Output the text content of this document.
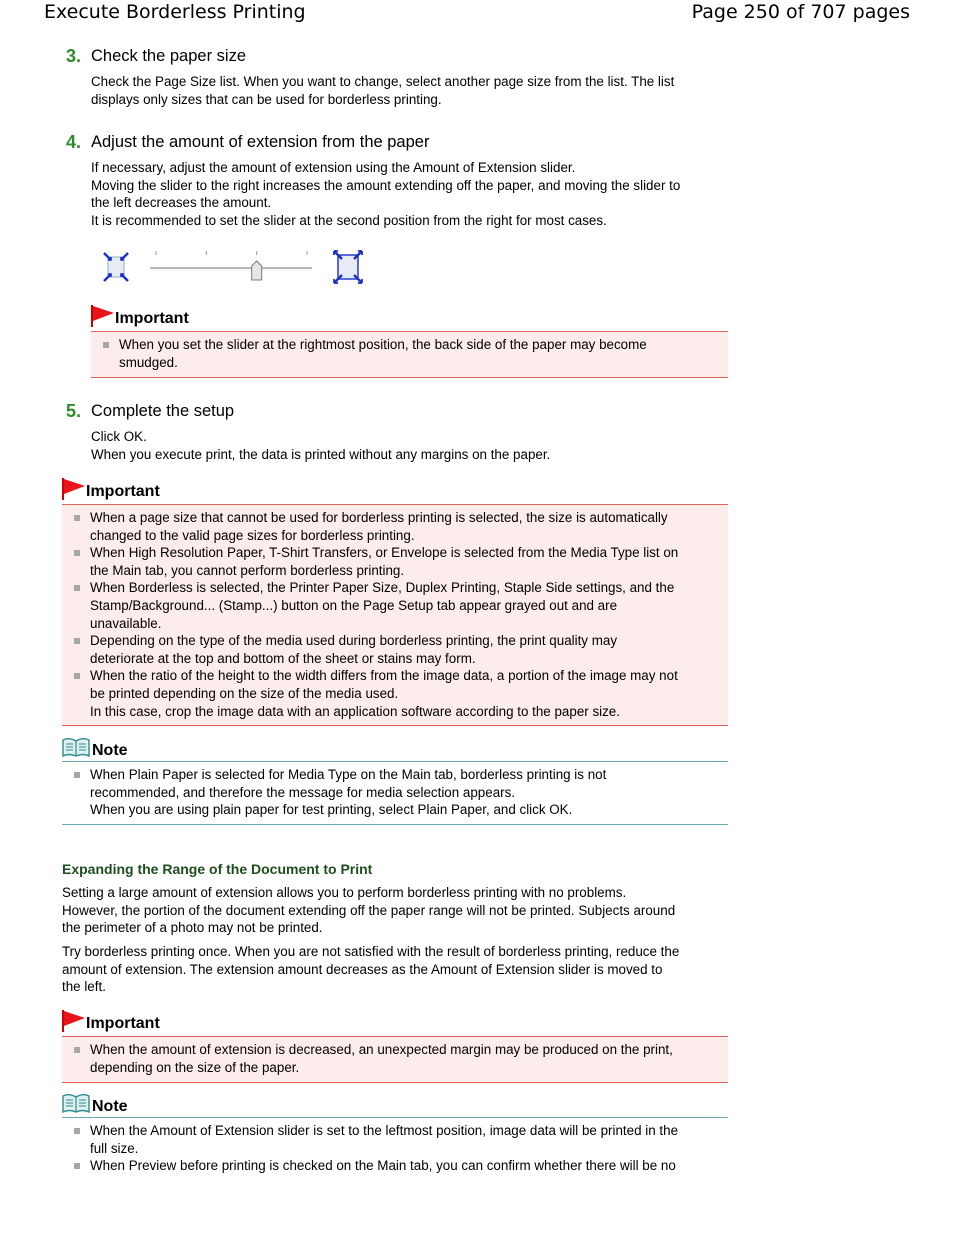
Execute Borderless Printing	Page 250 of 707 pages
3. Check the paper size
Check the Page Size list. When you want to change, select another page size from the list. The list
displays only sizes that can be used for borderless printing.
4. Adjust the amount of extension from the paper
If necessary, adjust the amount of extension using the Amount of Extension slider.
Moving the slider to the right increases the amount extending off the paper, and moving the slider to
the left decreases the amount.
It is recommended to set the slider at the second position from the right for most cases.
Important
When you set the slider at the rightmost position, the back side of the paper may become
smudged.
5. Complete the setup
Click OK.
When you execute print, the data is printed without any margins on the paper.
Important
When a page size that cannot be used for borderless printing is selected, the size is automatically
changed to the valid page sizes for borderless printing.
When High Resolution Paper, T-Shirt Transfers, or Envelope is selected from the Media Type list on
the Main tab, you cannot perform borderless printing.
When Borderless is selected, the Printer Paper Size, Duplex Printing, Staple Side settings, and the
Stamp/Background... (Stamp...) button on the Page Setup tab appear grayed out and are
unavailable.
Depending on the type of the media used during borderless printing, the print quality may
deteriorate at the top and bottom of the sheet or stains may form.
When the ratio of the height to the width differs from the image data, a portion of the image may not
be printed depending on the size of the media used.
In this case, crop the image data with an application software according to the paper size.
Note
When Plain Paper is selected for Media Type on the Main tab, borderless printing is not
recommended, and therefore the message for media selection appears.
When you are using plain paper for test printing, select Plain Paper, and click OK.
Expanding the Range of the Document to Print
Setting a large amount of extension allows you to perform borderless printing with no problems.
However, the portion of the document extending off the paper range will not be printed. Subjects around
the perimeter of a photo may not be printed.
Try borderless printing once. When you are not satisfied with the result of borderless printing, reduce the
amount of extension. The extension amount decreases as the Amount of Extension slider is moved to
the left.
Important
When the amount of extension is decreased, an unexpected margin may be produced on the print,
depending on the size of the paper.
Note
When the Amount of Extension slider is set to the leftmost position, image data will be printed in the
full size.
When Preview before printing is checked on the Main tab, you can confirm whether there will be no
